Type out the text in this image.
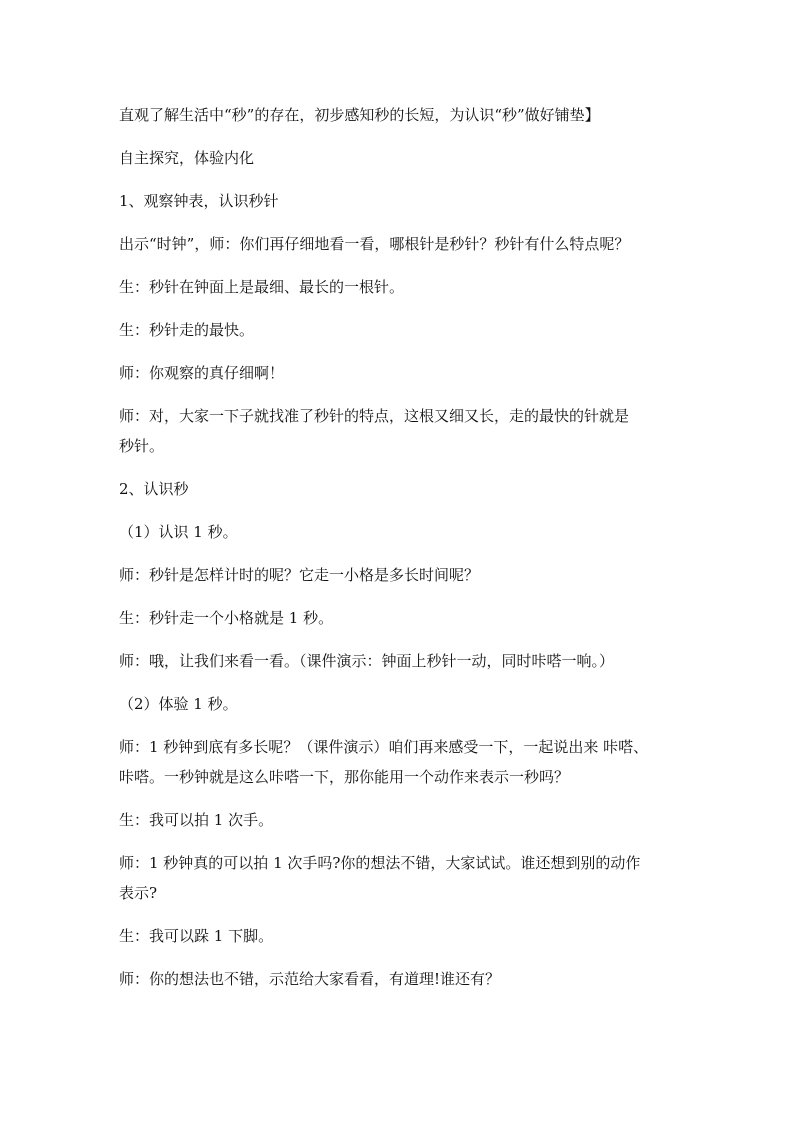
直观了解生活中“秒”的存在，初步感知秒的长短，为认识“秒”做好铺垫】
自主探究，体验内化
1、观察钟表，认识秒针
出示“时钟”，师：你们再仔细地看一看，哪根针是秒针？秒针有什么特点呢？
生：秒针在钟面上是最细、最长的一根针。
生：秒针走的最快。
师：你观察的真仔细啊！
师：对，大家一下子就找准了秒针的特点，这根又细又长，走的最快的针就是
秒针。
2、认识秒
（1）认识 1 秒。
师：秒针是怎样计时的呢？它走一小格是多长时间呢？
生：秒针走一个小格就是 1 秒。
师：哦，让我们来看一看。（课件演示：钟面上秒针一动，同时咔嗒一响。）
（2）体验 1 秒。
师：1 秒钟到底有多长呢？（课件演示）咱们再来感受一下，一起说出来 咔嗒、
咔嗒。一秒钟就是这么咔嗒一下，那你能用一个动作来表示一秒吗？
生：我可以拍 1 次手。
师：1 秒钟真的可以拍 1 次手吗?你的想法不错，大家试试。谁还想到别的动作
表示?
生：我可以跺 1 下脚。
师：你的想法也不错，示范给大家看看，有道理!谁还有？
